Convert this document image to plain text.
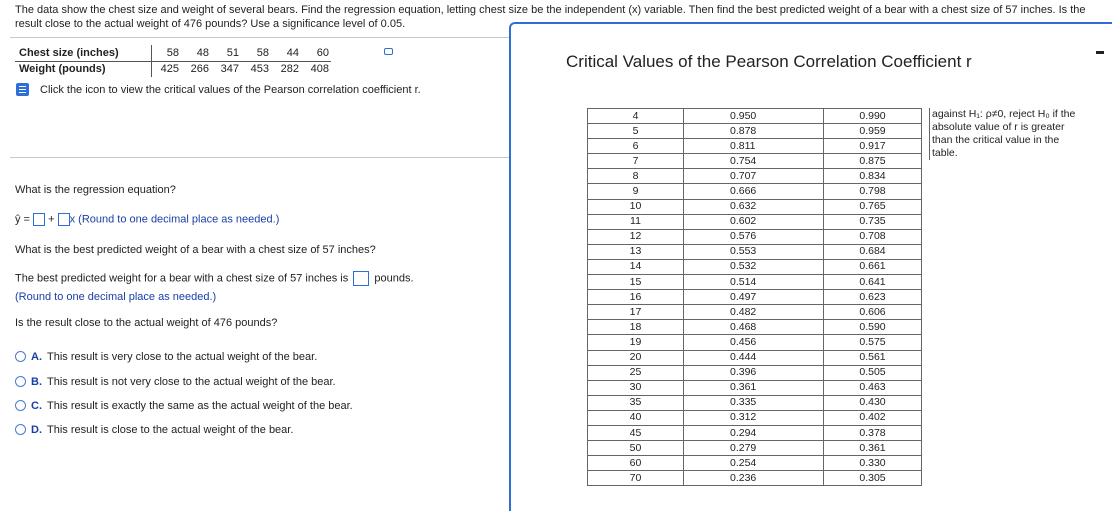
The data show the chest size and weight of several bears. Find the regression equation, letting chest size be the independent (x) variable. Then find the best predicted weight of a bear with a chest size of 57 inches. Is the result close to the actual weight of 476 pounds? Use a significance level of 0.05.
Chest size (inches)	58	48	51	58	44	60
Weight (pounds)	425	266	347	453	282	408
Click the icon to view the critical values of the Pearson correlation coefficient r.
What is the regression equation?
ŷ = + x (Round to one decimal place as needed.)
What is the best predicted weight of a bear with a chest size of 57 inches?
The best predicted weight for a bear with a chest size of 57 inches is pounds.
(Round to one decimal place as needed.)
Is the result close to the actual weight of 476 pounds?
A. This result is very close to the actual weight of the bear.
B. This result is not very close to the actual weight of the bear.
C. This result is exactly the same as the actual weight of the bear.
D. This result is close to the actual weight of the bear.
Critical Values of the Pearson Correlation Coefficient r
4	0.950	0.990
5	0.878	0.959
6	0.811	0.917
7	0.754	0.875
8	0.707	0.834
9	0.666	0.798
10	0.632	0.765
11	0.602	0.735
12	0.576	0.708
13	0.553	0.684
14	0.532	0.661
15	0.514	0.641
16	0.497	0.623
17	0.482	0.606
18	0.468	0.590
19	0.456	0.575
20	0.444	0.561
25	0.396	0.505
30	0.361	0.463
35	0.335	0.430
40	0.312	0.402
45	0.294	0.378
50	0.279	0.361
60	0.254	0.330
70	0.236	0.305
against H₁: ρ≠0, reject H₀ if the absolute value of r is greater than the critical value in the table.
